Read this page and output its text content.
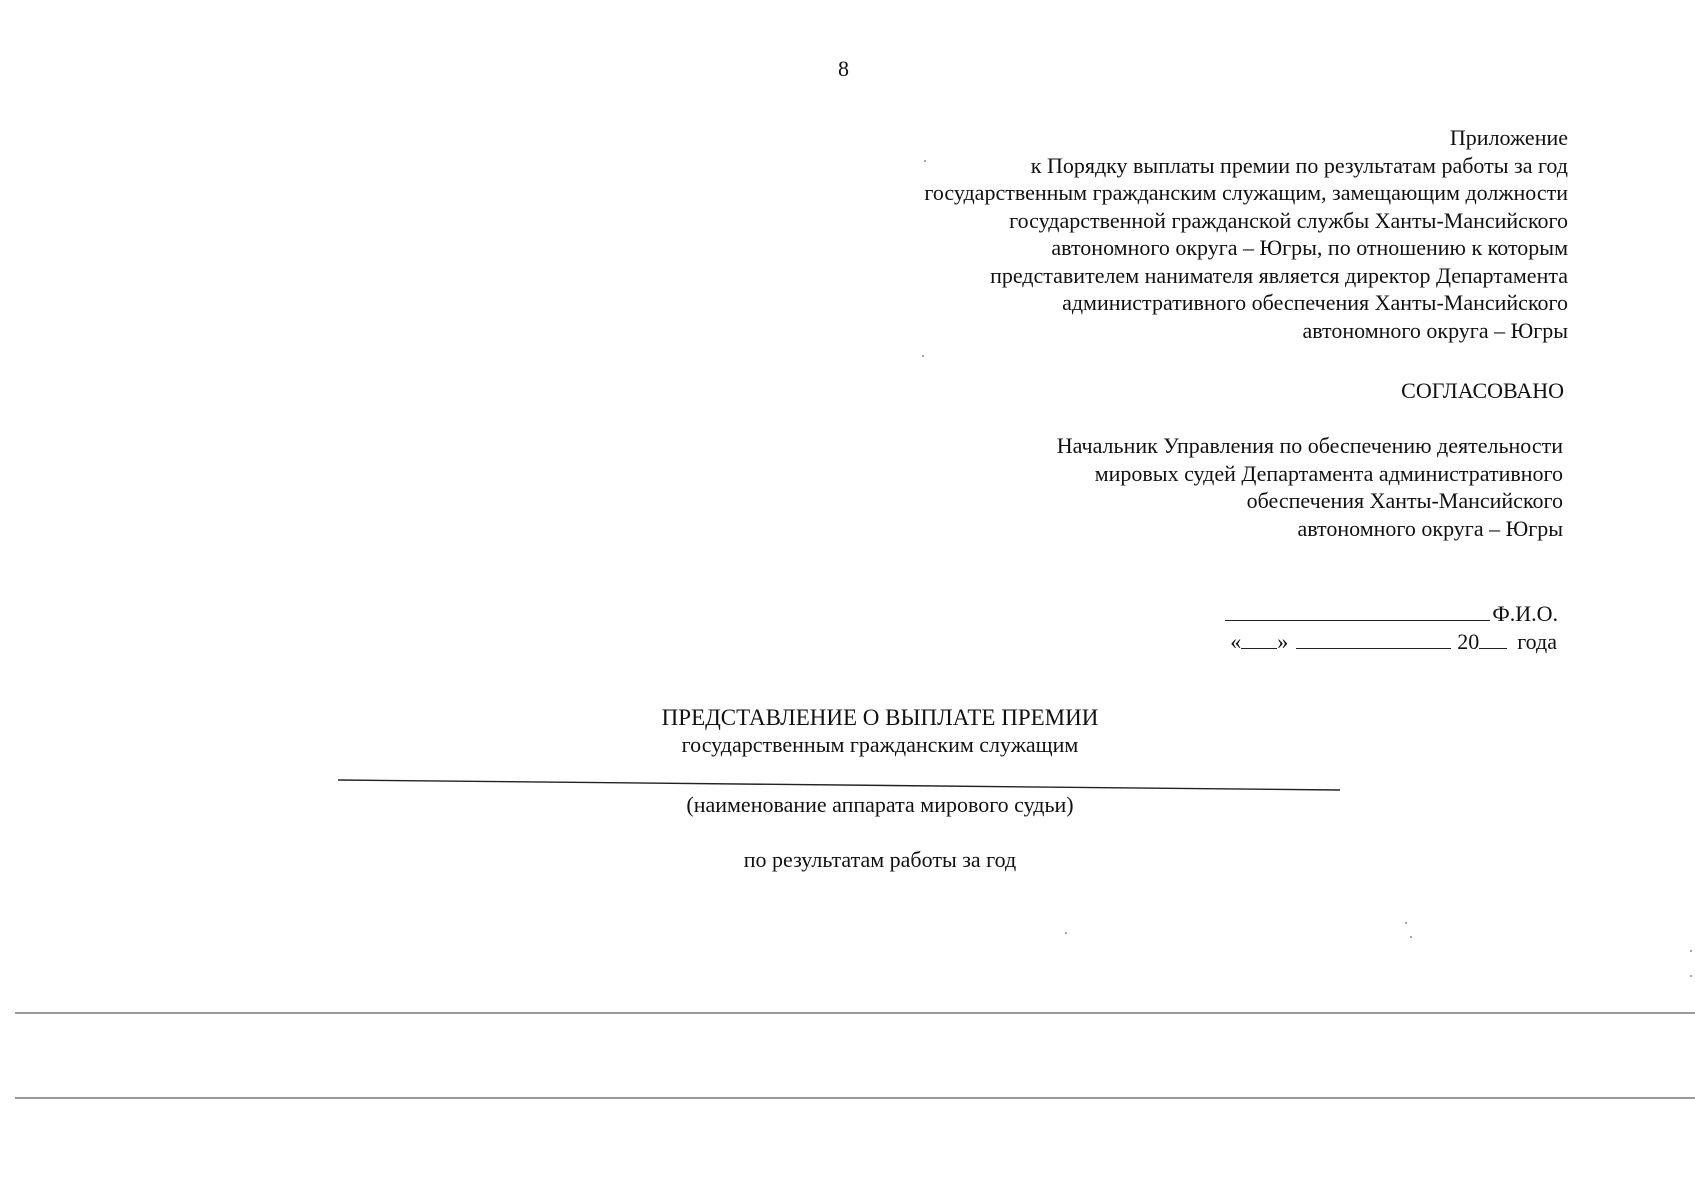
8
Приложение
к Порядку выплаты премии по результатам работы за год
государственным гражданским служащим, замещающим должности
государственной гражданской службы Ханты-Мансийского
автономного округа – Югры, по отношению к которым
представителем нанимателя является директор Департамента
административного обеспечения Ханты-Мансийского
автономного округа – Югры
СОГЛАСОВАНО
Начальник Управления по обеспечению деятельности
мировых судей Департамента административного
обеспечения Ханты-Мансийского
автономного округа – Югры
Ф.И.О.
« »	20 года
ПРЕДСТАВЛЕНИЕ О ВЫПЛАТЕ ПРЕМИИ
государственным гражданским служащим
(наименование аппарата мирового судьи)
по результатам работы за год
